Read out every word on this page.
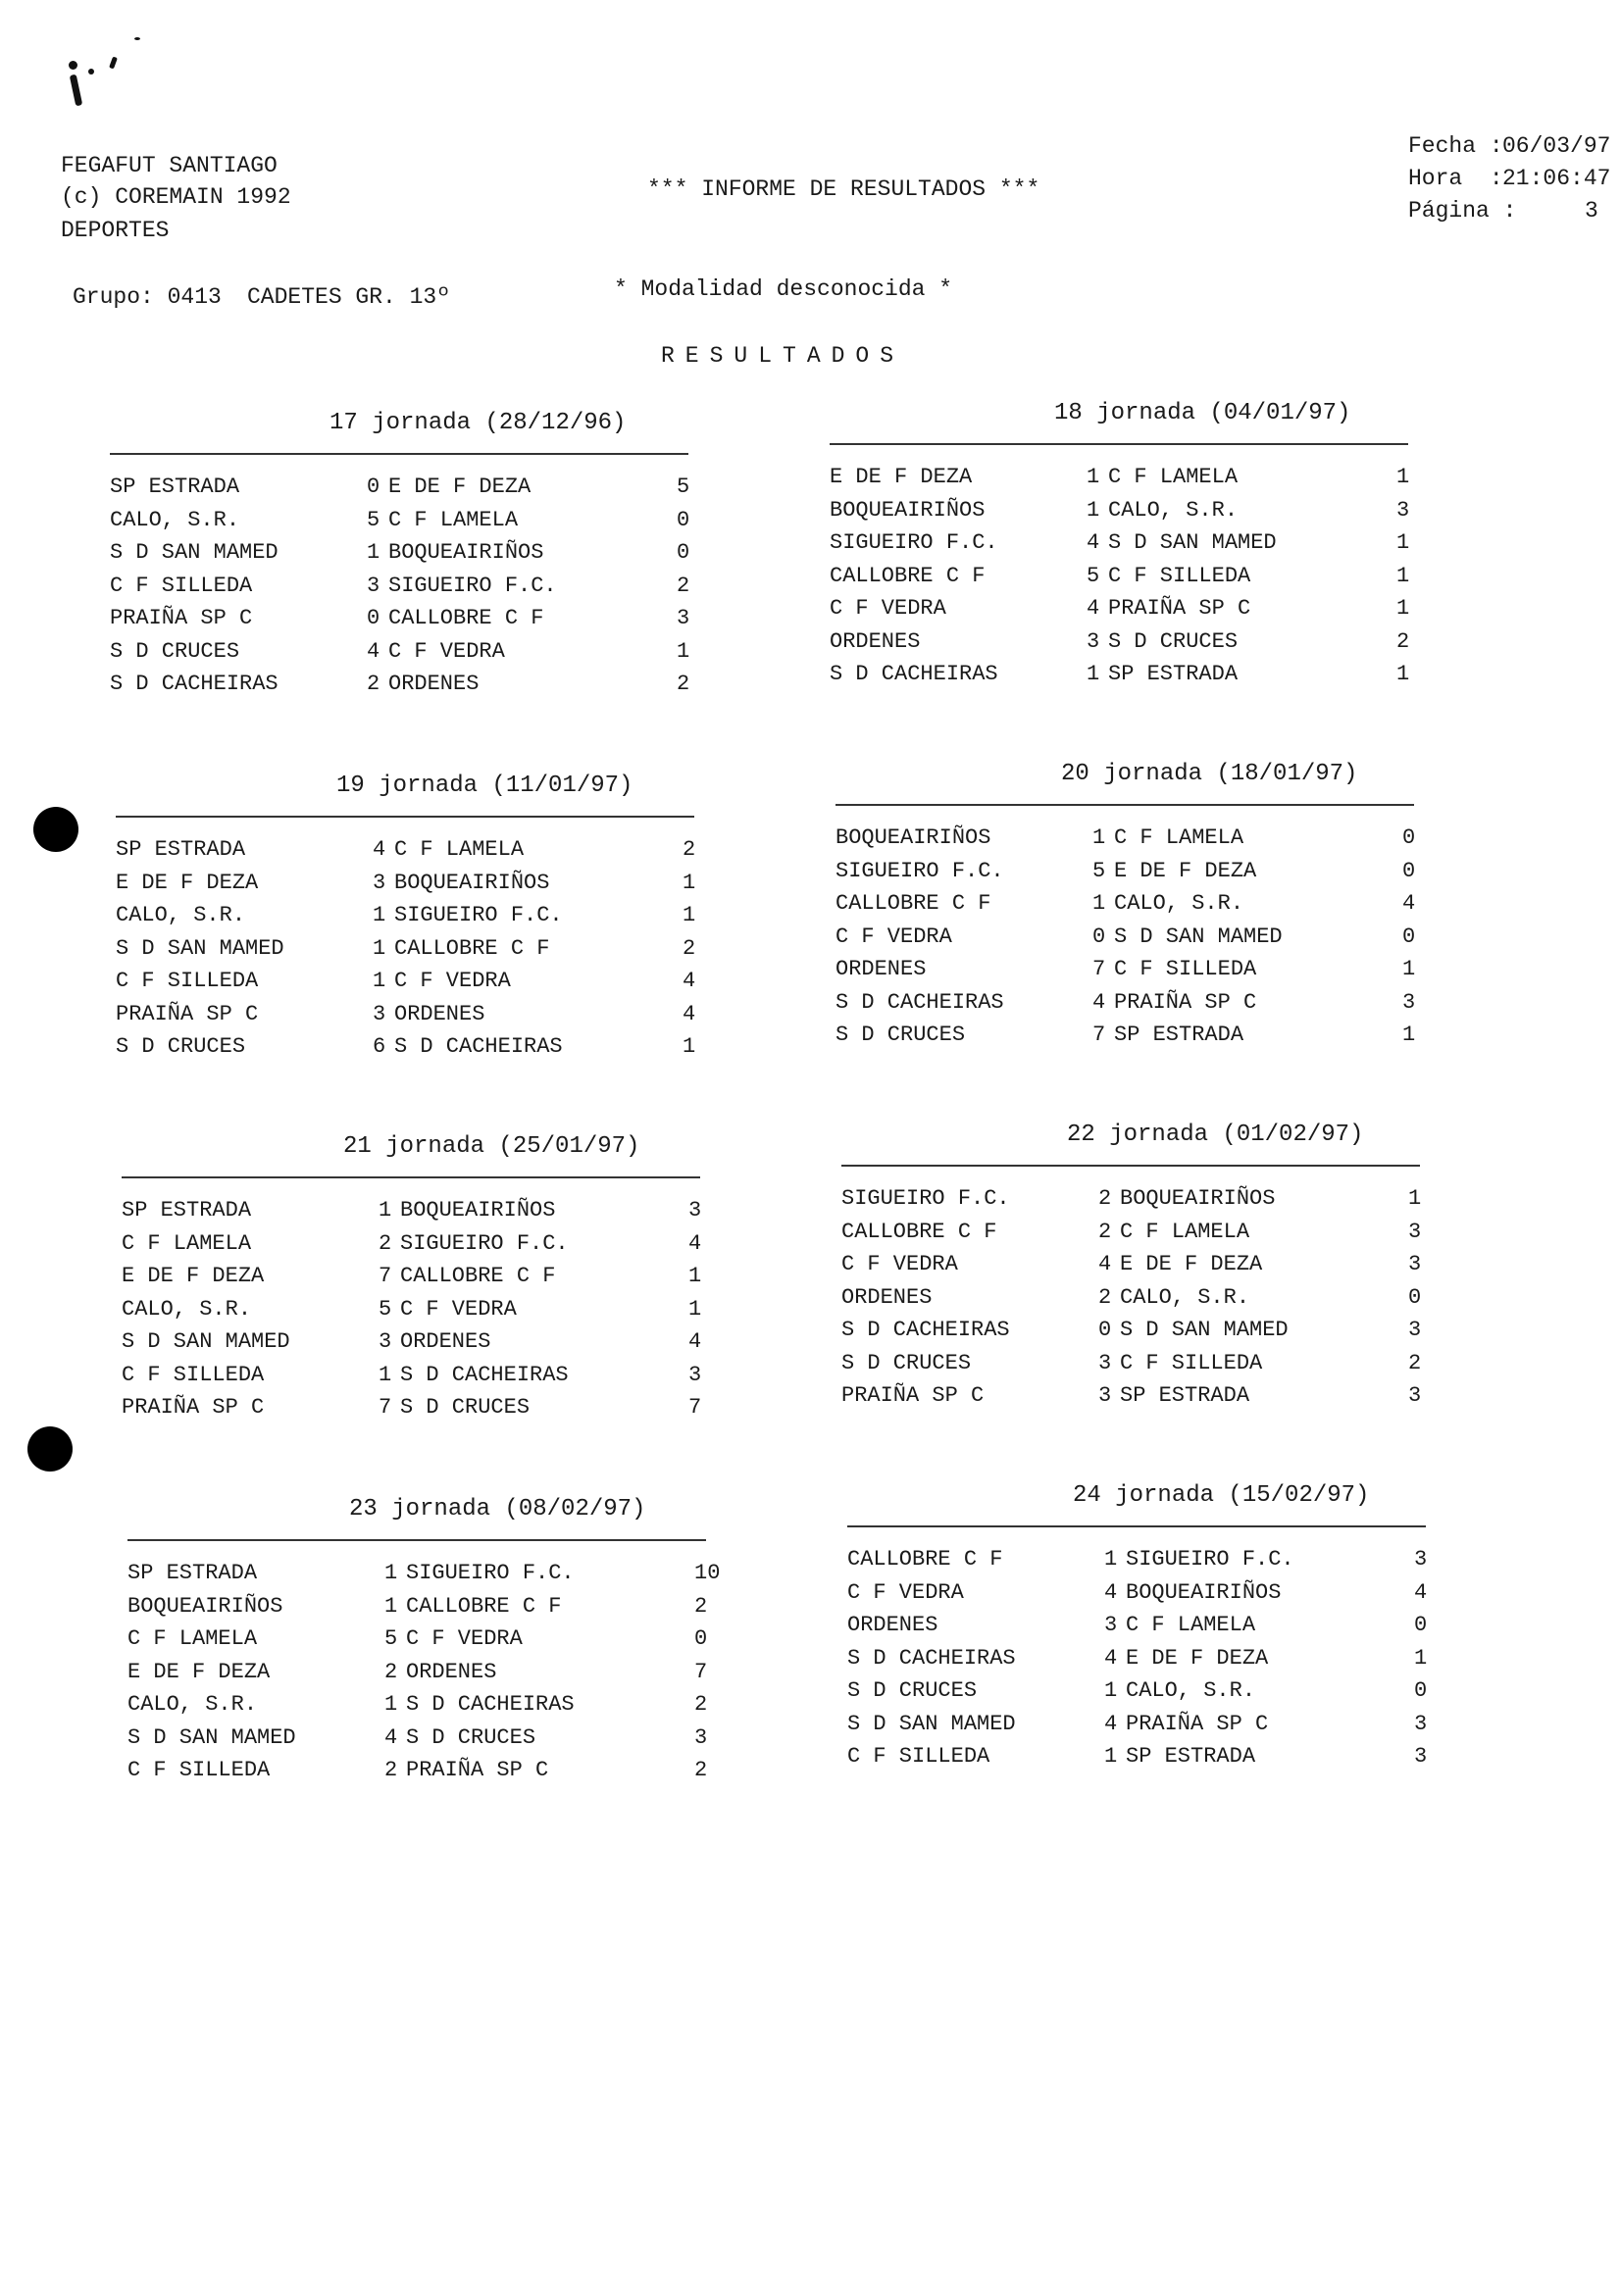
FEGAFUT SANTIAGO
(c) COREMAIN 1992
DEPORTES
*** INFORME DE RESULTADOS ***
Fecha : 06/03/97
Hora  : 21:06:47
Página :	3
Grupo: 0413 CADETES GR. 13º	* Modalidad desconocida *
RESULTADOS
17 jornada (28/12/96)
SP ESTRADA	0 E DE F DEZA	5
CALO, S.R.	5 C F LAMELA	0
S D SAN MAMED	1 BOQUEAIRIÑOS	0
C F SILLEDA	3 SIGUEIRO F.C.	2
PRAIÑA SP C	0 CALLOBRE C F	3
S D CRUCES	4 C F VEDRA	1
S D CACHEIRAS	2 ORDENES	2
18 jornada (04/01/97)
E DE F DEZA	1 C F LAMELA	1
BOQUEAIRIÑOS	1 CALO, S.R.	3
SIGUEIRO F.C.	4 S D SAN MAMED	1
CALLOBRE C F	5 C F SILLEDA	1
C F VEDRA	4 PRAIÑA SP C	1
ORDENES	3 S D CRUCES	2
S D CACHEIRAS	1 SP ESTRADA	1
19 jornada (11/01/97)
SP ESTRADA	4 C F LAMELA	2
E DE F DEZA	3 BOQUEAIRIÑOS	1
CALO, S.R.	1 SIGUEIRO F.C.	1
S D SAN MAMED	1 CALLOBRE C F	2
C F SILLEDA	1 C F VEDRA	4
PRAIÑA SP C	3 ORDENES	4
S D CRUCES	6 S D CACHEIRAS	1
20 jornada (18/01/97)
BOQUEAIRIÑOS	1 C F LAMELA	0
SIGUEIRO F.C.	5 E DE F DEZA	0
CALLOBRE C F	1 CALO, S.R.	4
C F VEDRA	0 S D SAN MAMED	0
ORDENES	7 C F SILLEDA	1
S D CACHEIRAS	4 PRAIÑA SP C	3
S D CRUCES	7 SP ESTRADA	1
21 jornada (25/01/97)
SP ESTRADA	1 BOQUEAIRIÑOS	3
C F LAMELA	2 SIGUEIRO F.C.	4
E DE F DEZA	7 CALLOBRE C F	1
CALO, S.R.	5 C F VEDRA	1
S D SAN MAMED	3 ORDENES	4
C F SILLEDA	1 S D CACHEIRAS	3
PRAIÑA SP C	7 S D CRUCES	7
22 jornada (01/02/97)
SIGUEIRO F.C.	2 BOQUEAIRIÑOS	1
CALLOBRE C F	2 C F LAMELA	3
C F VEDRA	4 E DE F DEZA	3
ORDENES	2 CALO, S.R.	0
S D CACHEIRAS	0 S D SAN MAMED	3
S D CRUCES	3 C F SILLEDA	2
PRAIÑA SP C	3 SP ESTRADA	3
23 jornada (08/02/97)
SP ESTRADA	1 SIGUEIRO F.C.	10
BOQUEAIRIÑOS	1 CALLOBRE C F	2
C F LAMELA	5 C F VEDRA	0
E DE F DEZA	2 ORDENES	7
CALO, S.R.	1 S D CACHEIRAS	2
S D SAN MAMED	4 S D CRUCES	3
C F SILLEDA	2 PRAIÑA SP C	2
24 jornada (15/02/97)
CALLOBRE C F	1 SIGUEIRO F.C.	3
C F VEDRA	4 BOQUEAIRIÑOS	4
ORDENES	3 C F LAMELA	0
S D CACHEIRAS	4 E DE F DEZA	1
S D CRUCES	1 CALO, S.R.	0
S D SAN MAMED	4 PRAIÑA SP C	3
C F SILLEDA	1 SP ESTRADA	3
